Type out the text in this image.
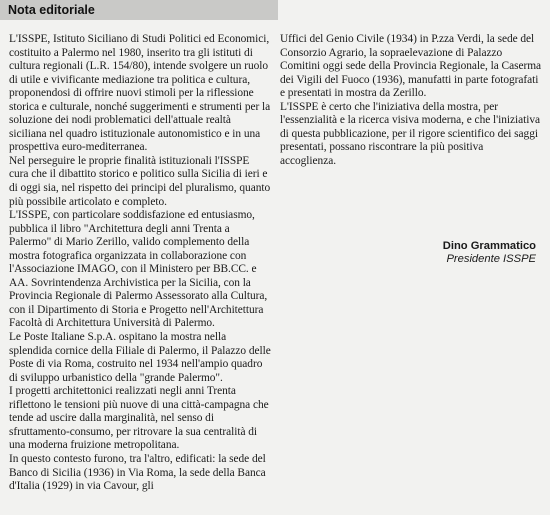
Nota editoriale

L'ISSPE, Istituto Siciliano di Studi Politici ed Economici, costituito a Palermo nel 1980, inserito tra gli istituti di cultura regionali (L.R. 154/80), intende svolgere un ruolo di utile e vivificante mediazione tra politica e cultura, proponendosi di offrire nuovi stimoli per la riflessione storica e culturale, nonché suggerimenti e strumenti per la soluzione dei nodi problematici dell'attuale realtà siciliana nel quadro istituzionale autonomistico e in una prospettiva euro-mediterranea.

Nel perseguire le proprie finalità istituzionali l'ISSPE cura che il dibattito storico e politico sulla Sicilia di ieri e di oggi sia, nel rispetto dei principi del pluralismo, quanto più possibile articolato e completo.

L'ISSPE, con particolare soddisfazione ed entusiasmo, pubblica il libro "Architettura degli anni Trenta a Palermo" di Mario Zerillo, valido complemento della mostra fotografica organizzata in collaborazione con l'Associazione IMAGO, con il Ministero per BB.CC. e AA. Sovrintendenza Archivistica per la Sicilia, con la Provincia Regionale di Palermo Assessorato alla Cultura, con il Dipartimento di Storia e Progetto nell'Architettura Facoltà di Architettura Università di Palermo.

Le Poste Italiane S.p.A. ospitano la mostra nella splendida cornice della Filiale di Palermo, il Palazzo delle Poste di via Roma, costruito nel 1934 nell'ampio quadro di sviluppo urbanistico della "grande Palermo".

I progetti architettonici realizzati negli anni Trenta riflettono le tensioni più nuove di una città-campagna che tende ad uscire dalla marginalità, nel senso di sfruttamento-consumo, per ritrovare la sua centralità di una moderna fruizione metropolitana.

In questo contesto furono, tra l'altro, edificati: la sede del Banco di Sicilia (1936) in Via Roma, la sede della Banca d'Italia (1929) in via Cavour, gli

Uffici del Genio Civile (1934) in P.zza Verdi, la sede del Consorzio Agrario, la sopraelevazione di Palazzo Comitini oggi sede della Provincia Regionale, la Caserma dei Vigili del Fuoco (1936), manufatti in parte fotografati e presentati in mostra da Zerillo.

L'ISSPE è certo che l'iniziativa della mostra, per l'essenzialità e la ricerca visiva moderna, e che l'iniziativa di questa pubblicazione, per il rigore scientifico dei saggi presentati, possano riscontrare la più positiva accoglienza.

Dino Grammatico
Presidente ISSPE
